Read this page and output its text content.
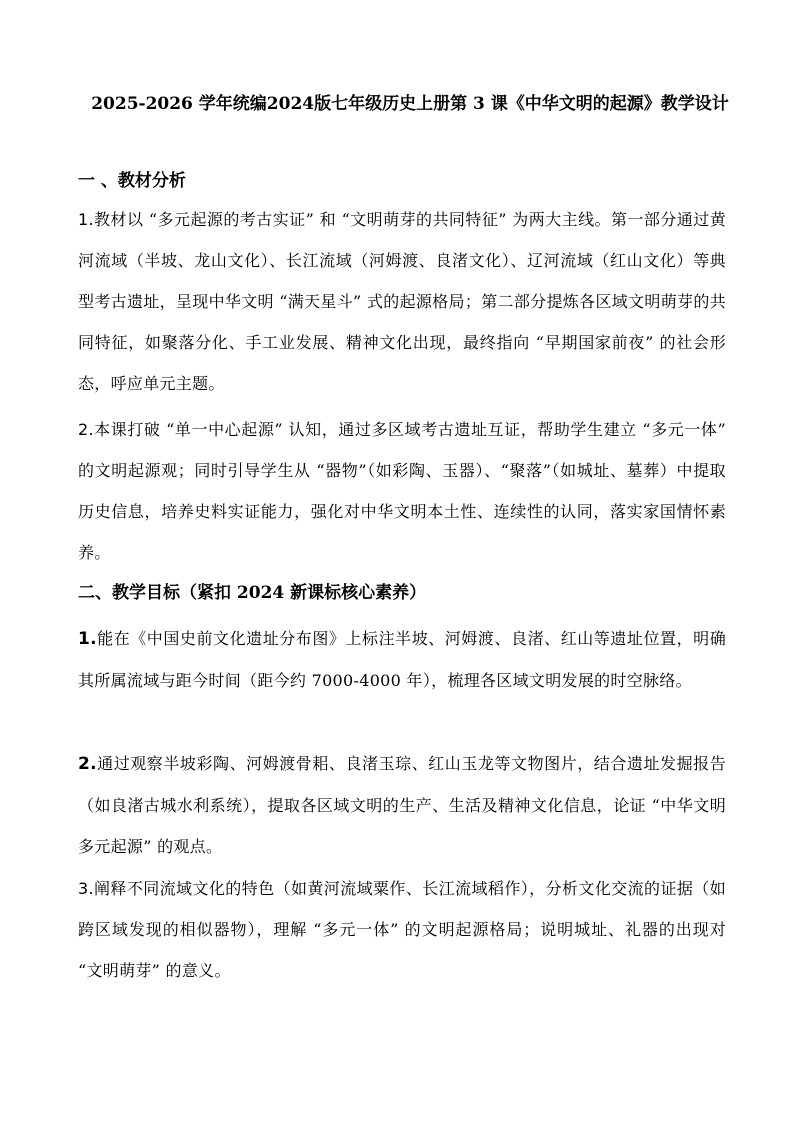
2025-2026 学年统编2024版七年级历史上册第 3 课《中华文明的起源》教学设计
一 、教材分析
1.教材以 “多元起源的考古实证” 和 “文明萌芽的共同特征” 为两大主线。第一部分通过黄河流域（半坡、龙山文化）、长江流域（河姆渡、良渚文化）、辽河流域（红山文化）等典型考古遗址，呈现中华文明 “满天星斗” 式的起源格局；第二部分提炼各区域文明萌芽的共同特征，如聚落分化、手工业发展、精神文化出现，最终指向 “早期国家前夜” 的社会形态，呼应单元主题。
2.本课打破 “单一中心起源” 认知，通过多区域考古遗址互证，帮助学生建立 “多元一体” 的文明起源观；同时引导学生从 “器物”（如彩陶、玉器）、“聚落”（如城址、墓葬）中提取历史信息，培养史料实证能力，强化对中华文明本土性、连续性的认同，落实家国情怀素养。
二、教学目标（紧扣 2024 新课标核心素养）
1.能在《中国史前文化遗址分布图》上标注半坡、河姆渡、良渚、红山等遗址位置，明确其所属流域与距今时间（距今约 7000-4000 年），梳理各区域文明发展的时空脉络。
2.通过观察半坡彩陶、河姆渡骨耜、良渚玉琮、红山玉龙等文物图片，结合遗址发掘报告（如良渚古城水利系统），提取各区域文明的生产、生活及精神文化信息，论证 “中华文明多元起源” 的观点。
3.阐释不同流域文化的特色（如黄河流域粟作、长江流域稻作），分析文化交流的证据（如跨区域发现的相似器物），理解 “多元一体” 的文明起源格局；说明城址、礼器的出现对 “文明萌芽” 的意义。
